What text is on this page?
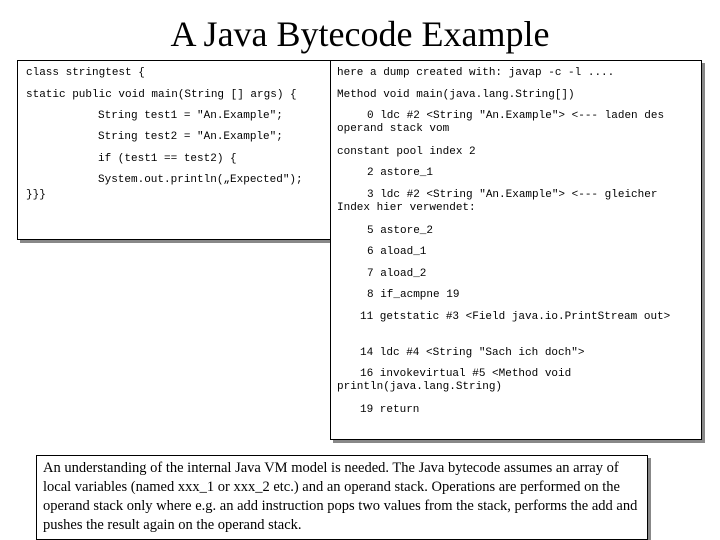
A Java Bytecode Example
class stringtest {
static public void main(String [] args) {
String test1 = "An.Example";
String test2 = "An.Example";
if (test1 == test2) {
System.out.println(„Expected");
}}}
here a dump created with: javap -c -l ....
Method void main(java.lang.String[])
0 ldc #2 <String "An.Example"> <--- laden des operand stack vom
constant pool index 2
2 astore_1
3 ldc #2 <String "An.Example"> <--- gleicher Index hier verwendet:
5 astore_2
6 aload_1
7 aload_2
8 if_acmpne 19
11 getstatic #3 <Field java.io.PrintStream out>
14 ldc #4 <String "Sach ich doch">
16 invokevirtual #5 <Method void println(java.lang.String)
19 return
An understanding of the internal Java VM model is needed. The Java bytecode assumes an array of local variables (named xxx_1 or xxx_2 etc.) and an operand stack. Operations are performed on the operand stack only where e.g. an add instruction pops two values from the stack, performs the add and pushes the result again on the operand stack.
